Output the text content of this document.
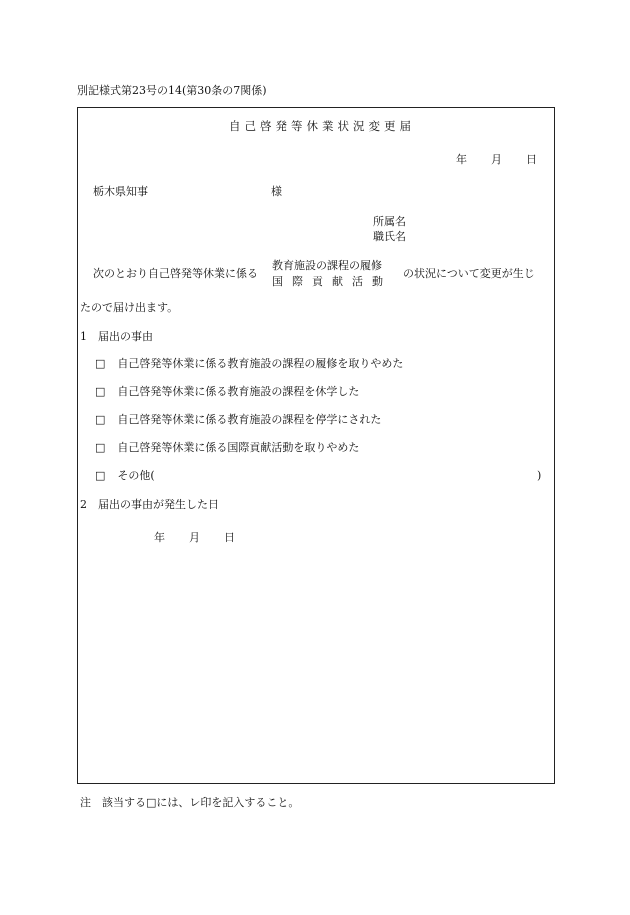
別記様式第23号の14(第30条の7関係)
自己啓発等休業状況変更届
年 月 日
栃木県知事	様
所属名
職氏名
次のとおり自己啓発等休業に係る
教育施設の課程の履修
国際貢献活動
の状況について変更が生じ
たので届け出ます。
1　届出の事由
□ 自己啓発等休業に係る教育施設の課程の履修を取りやめた
□ 自己啓発等休業に係る教育施設の課程を休学した
□ 自己啓発等休業に係る教育施設の課程を停学にされた
□ 自己啓発等休業に係る国際貢献活動を取りやめた
□ その他(	)
2　届出の事由が発生した日
年 月 日
注　該当する□には、レ印を記入すること。
